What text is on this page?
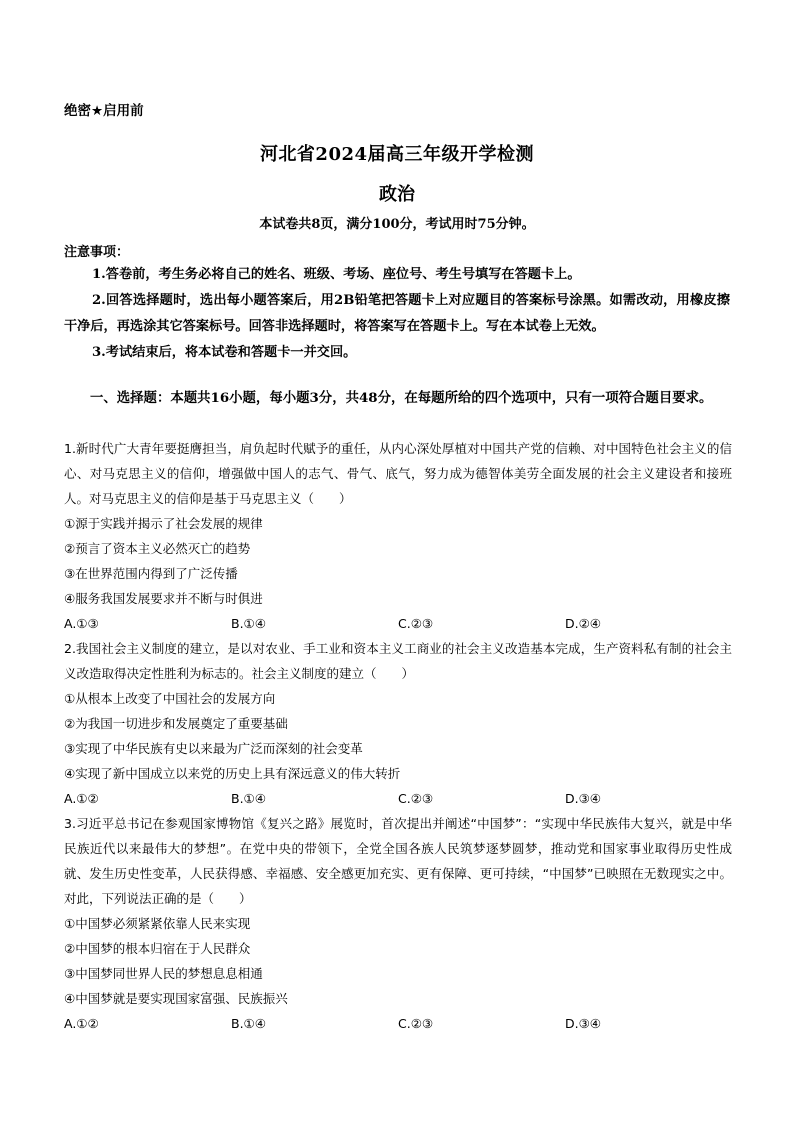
绝密★启用前
河北省2024届高三年级开学检测
政治
本试卷共8页，满分100分，考试用时75分钟。
注意事项：

1.答卷前，考生务必将自己的姓名、班级、考场、座位号、考生号填写在答题卡上。

2.回答选择题时，选出每小题答案后，用2B铅笔把答题卡上对应题目的答案标号涂黑。如需改动，用橡皮擦干净后，再选涂其它答案标号。回答非选择题时，将答案写在答题卡上。写在本试卷上无效。

3.考试结束后，将本试卷和答题卡一并交回。

一、选择题：本题共16小题，每小题3分，共48分，在每题所给的四个选项中，只有一项符合题目要求。

1.新时代广大青年要挺膺担当，肩负起时代赋予的重任，从内心深处厚植对中国共产党的信赖、对中国特色社会主义的信心、对马克思主义的信仰，增强做中国人的志气、骨气、底气，努力成为德智体美劳全面发展的社会主义建设者和接班人。对马克思主义的信仰是基于马克思主义（　　）

①源于实践并揭示了社会发展的规律

②预言了资本主义必然灭亡的趋势

③在世界范围内得到了广泛传播

④服务我国发展要求并不断与时俱进

A.①③	B.①④	C.②③	D.②④

2.我国社会主义制度的建立，是以对农业、手工业和资本主义工商业的社会主义改造基本完成，生产资料私有制的社会主义改造取得决定性胜利为标志的。社会主义制度的建立（　　）

①从根本上改变了中国社会的发展方向

②为我国一切进步和发展奠定了重要基础

③实现了中华民族有史以来最为广泛而深刻的社会变革

④实现了新中国成立以来党的历史上具有深远意义的伟大转折

A.①②	B.①④	C.②③	D.③④

3.习近平总书记在参观国家博物馆《复兴之路》展览时，首次提出并阐述“中国梦”：“实现中华民族伟大复兴，就是中华民族近代以来最伟大的梦想”。在党中央的带领下，全党全国各族人民筑梦逐梦圆梦，推动党和国家事业取得历史性成就、发生历史性变革，人民获得感、幸福感、安全感更加充实、更有保障、更可持续，“中国梦”已映照在无数现实之中。对此，下列说法正确的是（　　）

①中国梦必须紧紧依靠人民来实现

②中国梦的根本归宿在于人民群众

③中国梦同世界人民的梦想息息相通

④中国梦就是要实现国家富强、民族振兴

A.①②	B.①④	C.②③	D.③④
